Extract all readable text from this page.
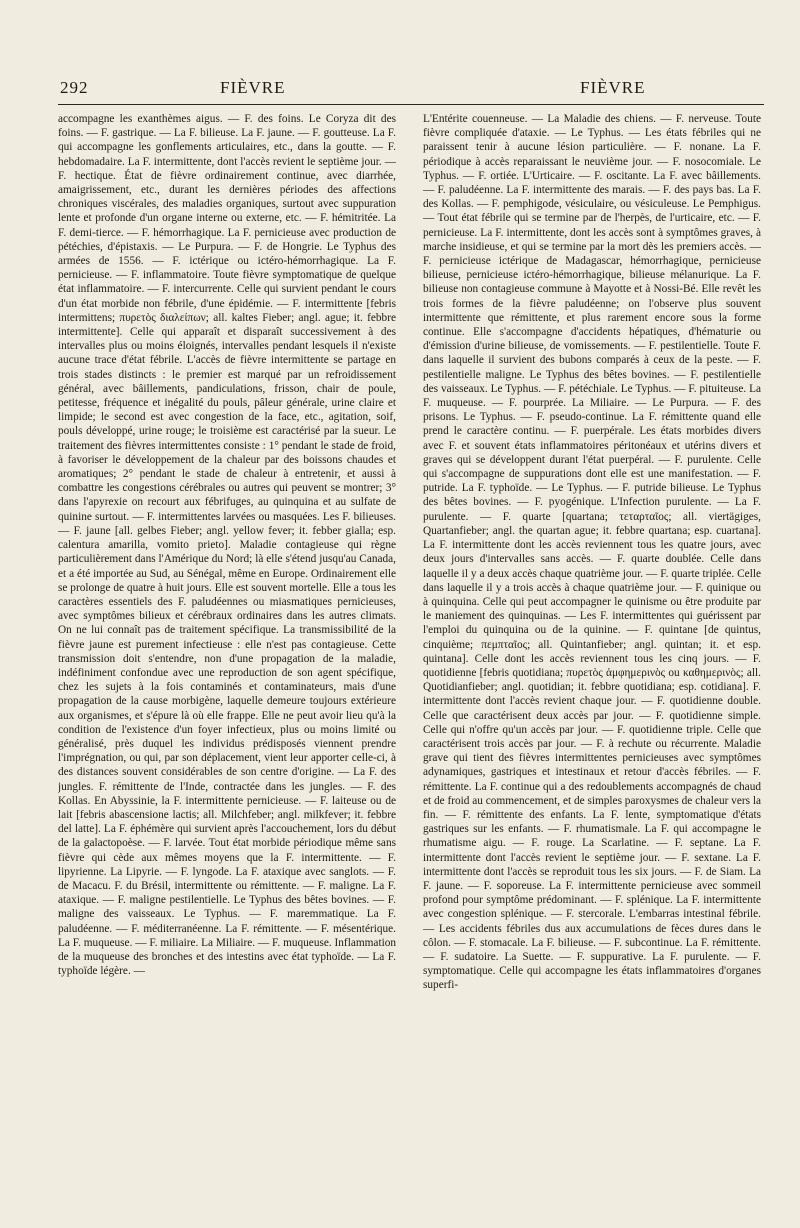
292	FIÈVRE	FIÈVRE

accompagne les exanthèmes aigus. — F. des foins. Le Coryza dit des foins. — F. gastrique. — La F. bilieuse. La F. jaune. — F. goutteuse. La F. qui accompagne les gonflements articulaires, etc., dans la goutte. — F. hebdomadaire. La F. intermittente, dont l'accès revient le septième jour. — F. hectique. État de fièvre ordinairement continue, avec diarrhée, amaigrissement, etc., durant les dernières périodes des affections chroniques viscérales, des maladies organiques, surtout avec suppuration lente et profonde d'un organe interne ou externe, etc. — F. hémitritée. La F. demi-tierce. — F. hémorrhagique. La F. pernicieuse avec production de pétéchies, d'épistaxis. — Le Purpura. — F. de Hongrie. Le Typhus des armées de 1556. — F. ictérique ou ictéro-hémorrhagique. La F. pernicieuse. — F. inflammatoire. Toute fièvre symptomatique de quelque état inflammatoire. — F. intercurrente. Celle qui survient pendant le cours d'un état morbide non fébrile, d'une épidémie. — F. intermittente [febris intermittens; πυρετὸς διαλείπων; all. kaltes Fieber; angl. ague; it. febbre intermittente]. Celle qui apparaît et disparaît successivement à des intervalles plus ou moins éloignés, intervalles pendant lesquels il n'existe aucune trace d'état fébrile. L'accès de fièvre intermittente se partage en trois stades distincts : le premier est marqué par un refroidissement général, avec bâillements, pandiculations, frisson, chair de poule, petitesse, fréquence et inégalité du pouls, pâleur générale, urine claire et limpide; le second est avec congestion de la face, etc., agitation, soif, pouls développé, urine rouge; le troisième est caractérisé par la sueur. Le traitement des fièvres intermittentes consiste : 1° pendant le stade de froid, à favoriser le développement de la chaleur par des boissons chaudes et aromatiques; 2° pendant le stade de chaleur à entretenir, et aussi à combattre les congestions cérébrales ou autres qui peuvent se montrer; 3° dans l'apyrexie on recourt aux fébrifuges, au quinquina et au sulfate de quinine surtout. — F. intermittentes larvées ou masquées. Les F. bilieuses. — F. jaune [all. gelbes Fieber; angl. yellow fever; it. febber gialla; esp. calentura amarilla, vomito prieto]. Maladie contagieuse qui règne particulièrement dans l'Amérique du Nord; là elle s'étend jusqu'au Canada, et a été importée au Sud, au Sénégal, même en Europe. Ordinairement elle se prolonge de quatre à huit jours. Elle est souvent mortelle. Elle a tous les caractères essentiels des F. paludéennes ou miasmatiques pernicieuses, avec symptômes bilieux et cérébraux ordinaires dans les autres climats. On ne lui connaît pas de traitement spécifique. La transmissibilité de la fièvre jaune est purement infectieuse : elle n'est pas contagieuse. Cette transmission doit s'entendre, non d'une propagation de la maladie, indéfiniment confondue avec une reproduction de son agent spécifique, chez les sujets à la fois contaminés et contaminateurs, mais d'une propagation de la cause morbigène, laquelle demeure toujours extérieure aux organismes, et s'épure là où elle frappe. Elle ne peut avoir lieu qu'à la condition de l'existence d'un foyer infectieux, plus ou moins limité ou généralisé, près duquel les individus prédisposés viennent prendre l'imprégnation, ou qui, par son déplacement, vient leur apporter celle-ci, à des distances souvent considérables de son centre d'origine. — La F. des jungles. F. rémittente de l'Inde, contractée dans les jungles. — F. des Kollas. En Abyssinie, la F. intermittente pernicieuse. — F. laiteuse ou de lait [febris abascensione lactis; all. Milchfeber; angl. milkfever; it. febbre del latte]. La F. éphémère qui survient après l'accouchement, lors du début de la galactopoèse. — F. larvée. Tout état morbide périodique même sans fièvre qui cède aux mêmes moyens que la F. intermittente. — F. lipyrienne. La Lipyrie. — F. lyngode. La F. ataxique avec sanglots. — F. de Macacu. F. du Brésil, intermittente ou rémittente. — F. maligne. La F. ataxique. — F. maligne pestilentielle. Le Typhus des bêtes bovines. — F. maligne des vaisseaux. Le Typhus. — F. maremmatique. La F. paludéenne. — F. méditerranéenne. La F. rémittente. — F. mésentérique. La F. muqueuse. — F. miliaire. La Miliaire. — F. muqueuse. Inflammation de la muqueuse des bronches et des intestins avec état typhoïde. — La F. typhoïde légère. —

L'Entérite couenneuse. — La Maladie des chiens. — F. nerveuse. Toute fièvre compliquée d'ataxie. — Le Typhus. — Les états fébriles qui ne paraissent tenir à aucune lésion particulière. — F. nonane. La F. périodique à accès reparaissant le neuvième jour. — F. nosocomiale. Le Typhus. — F. ortiée. L'Urticaire. — F. oscitante. La F. avec bâillements. — F. paludéenne. La F. intermittente des marais. — F. des pays bas. La F. des Kollas. — F. pemphigode, vésiculaire, ou vésiculeuse. Le Pemphigus. — Tout état fébrile qui se termine par de l'herpès, de l'urticaire, etc. — F. pernicieuse. La F. intermittente, dont les accès sont à symptômes graves, à marche insidieuse, et qui se termine par la mort dès les premiers accès. — F. pernicieuse ictérique de Madagascar, hémorrhagique, pernicieuse bilieuse, pernicieuse ictéro-hémorrhagique, bilieuse mélanurique. La F. bilieuse non contagieuse commune à Mayotte et à Nossi-Bé. Elle revêt les trois formes de la fièvre paludéenne; on l'observe plus souvent intermittente que rémittente, et plus rarement encore sous la forme continue. Elle s'accompagne d'accidents hépatiques, d'hématurie ou d'émission d'urine bilieuse, de vomissements. — F. pestilentielle. Toute F. dans laquelle il survient des bubons comparés à ceux de la peste. — F. pestilentielle maligne. Le Typhus des bêtes bovines. — F. pestilentielle des vaisseaux. Le Typhus. — F. pétéchiale. Le Typhus. — F. pituiteuse. La F. muqueuse. — F. pourprée. La Miliaire. — Le Purpura. — F. des prisons. Le Typhus. — F. pseudo-continue. La F. rémittente quand elle prend le caractère continu. — F. puerpérale. Les états morbides divers avec F. et souvent états inflammatoires péritonéaux et utérins divers et graves qui se développent durant l'état puerpéral. — F. purulente. Celle qui s'accompagne de suppurations dont elle est une manifestation. — F. putride. La F. typhoïde. — Le Typhus. — F. putride bilieuse. Le Typhus des bêtes bovines. — F. pyogénique. L'Infection purulente. — La F. purulente. — F. quarte [quartana; τεταρταῖος; all. viertägiges, Quartanfieber; angl. the quartan ague; it. febbre quartana; esp. cuartana]. La F. intermittente dont les accès reviennent tous les quatre jours, avec deux jours d'intervalles sans accès. — F. quarte doublée. Celle dans laquelle il y a deux accès chaque quatrième jour. — F. quarte triplée. Celle dans laquelle il y a trois accès à chaque quatrième jour. — F. quinique ou à quinquina. Celle qui peut accompagner le quinisme ou être produite par le maniement des quinquinas. — Les F. intermittentes qui guérissent par l'emploi du quinquina ou de la quinine. — F. quintane [de quintus, cinquième; πεμπταῖος; all. Quintanfieber; angl. quintan; it. et esp. quintana]. Celle dont les accès reviennent tous les cinq jours. — F. quotidienne [febris quotidiana; πυρετὸς ἀμφημερινὸς ou καθημερινὸς; all. Quotidianfieber; angl. quotidian; it. febbre quotidiana; esp. cotidiana]. F. intermittente dont l'accès revient chaque jour. — F. quotidienne double. Celle que caractérisent deux accès par jour. — F. quotidienne simple. Celle qui n'offre qu'un accès par jour. — F. quotidienne triple. Celle que caractérisent trois accès par jour. — F. à rechute ou récurrente. Maladie grave qui tient des fièvres intermittentes pernicieuses avec symptômes adynamiques, gastriques et intestinaux et retour d'accès fébriles. — F. rémittente. La F. continue qui a des redoublements accompagnés de chaud et de froid au commencement, et de simples paroxysmes de chaleur vers la fin. — F. rémittente des enfants. La F. lente, symptomatique d'états gastriques sur les enfants. — F. rhumatismale. La F. qui accompagne le rhumatisme aigu. — F. rouge. La Scarlatine. — F. septane. La F. intermittente dont l'accès revient le septième jour. — F. sextane. La F. intermittente dont l'accès se reproduit tous les six jours. — F. de Siam. La F. jaune. — F. soporeuse. La F. intermittente pernicieuse avec sommeil profond pour symptôme prédominant. — F. splénique. La F. intermittente avec congestion splénique. — F. stercorale. L'embarras intestinal fébrile. — Les accidents fébriles dus aux accumulations de fèces dures dans le côlon. — F. stomacale. La F. bilieuse. — F. subcontinue. La F. rémittente. — F. sudatoire. La Suette. — F. suppurative. La F. purulente. — F. symptomatique. Celle qui accompagne les états inflammatoires d'organes superfi-
